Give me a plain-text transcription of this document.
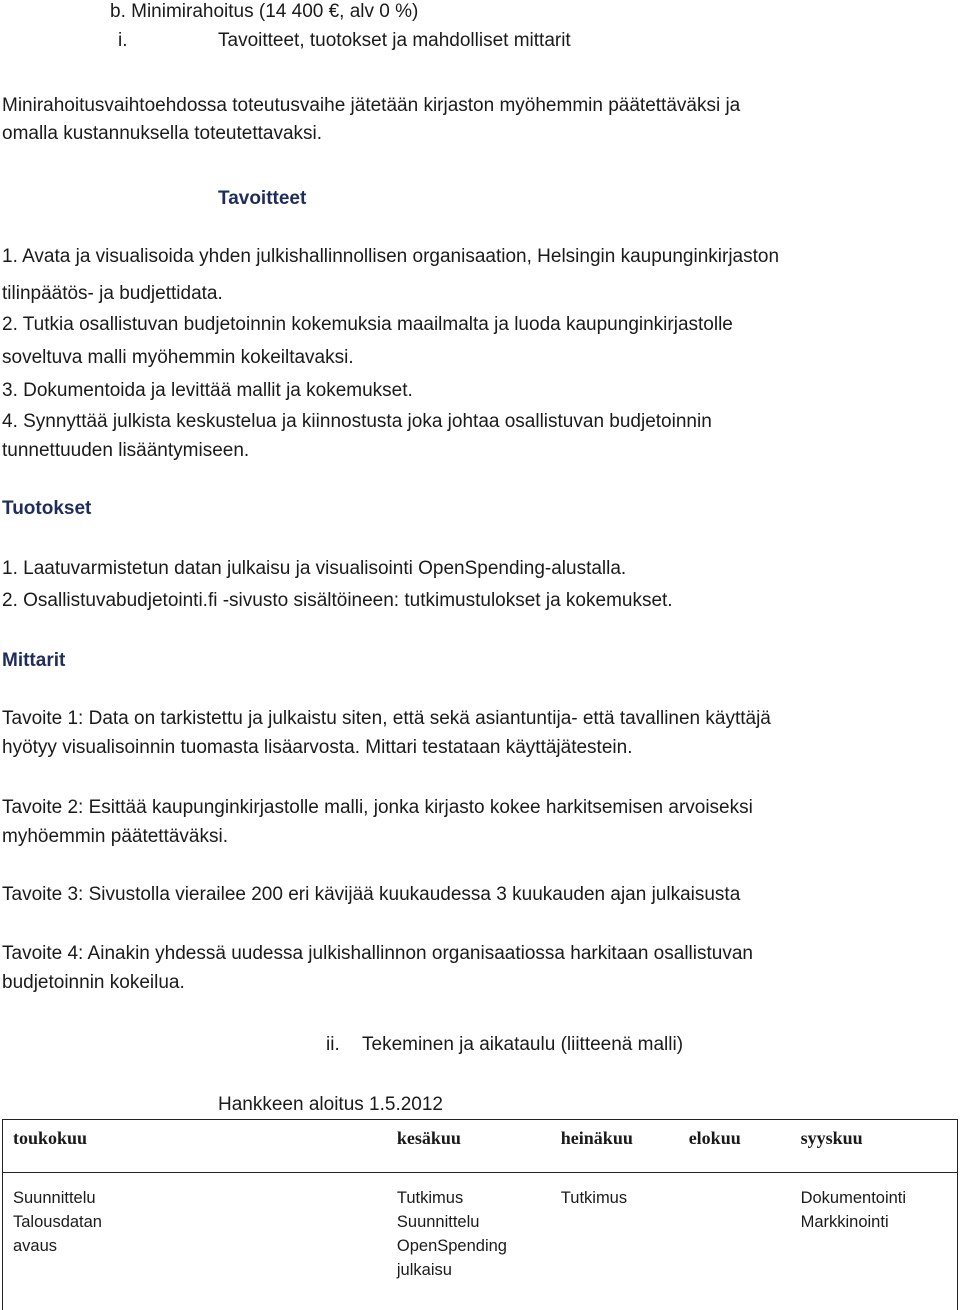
b. Minimirahoitus (14 400 €, alv 0 %)
i.	Tavoitteet, tuotokset ja mahdolliset mittarit
Minirahoitusvaihtoehdossa toteutusvaihe jätetään kirjaston myöhemmin päätettäväksi ja
omalla kustannuksella toteutettavaksi.
Tavoitteet
1. Avata ja visualisoida yhden julkishallinnollisen organisaation, Helsingin kaupunginkirjaston
tilinpäätös- ja budjettidata.
2. Tutkia osallistuvan budjetoinnin kokemuksia maailmalta ja luoda kaupunginkirjastolle
soveltuva malli myöhemmin kokeiltavaksi.
3. Dokumentoida ja levittää mallit ja kokemukset.
4. Synnyttää julkista keskustelua ja kiinnostusta joka johtaa osallistuvan budjetoinnin
tunnettuuden lisääntymiseen.
Tuotokset
1. Laatuvarmistetun datan julkaisu ja visualisointi OpenSpending-alustalla.
2. Osallistuvabudjetointi.fi -sivusto sisältöineen: tutkimustulokset ja kokemukset.
Mittarit
Tavoite 1: Data on tarkistettu ja julkaistu siten, että sekä asiantuntija- että tavallinen käyttäjä
hyötyy visualisoinnin tuomasta lisäarvosta. Mittari testataan käyttäjätestein.
Tavoite 2: Esittää kaupunginkirjastolle malli, jonka kirjasto kokee harkitsemisen arvoiseksi
myhöemmin päätettäväksi.
Tavoite 3: Sivustolla vierailee 200 eri kävijää kuukaudessa 3 kuukauden ajan julkaisusta
Tavoite 4: Ainakin yhdessä uudessa julkishallinnon organisaatiossa harkitaan osallistuvan
budjetoinnin kokeilua.
ii. Tekeminen ja aikataulu (liitteenä malli)
Hankkeen aloitus 1.5.2012
toukokuu	kesäkuu	heinäkuu	elokuu	syyskuu

Suunnittelu
Talousdatan
avaus	Tutkimus
Suunnittelu
OpenSpending
julkaisu	Tutkimus		Dokumentointi
Markkinointi
